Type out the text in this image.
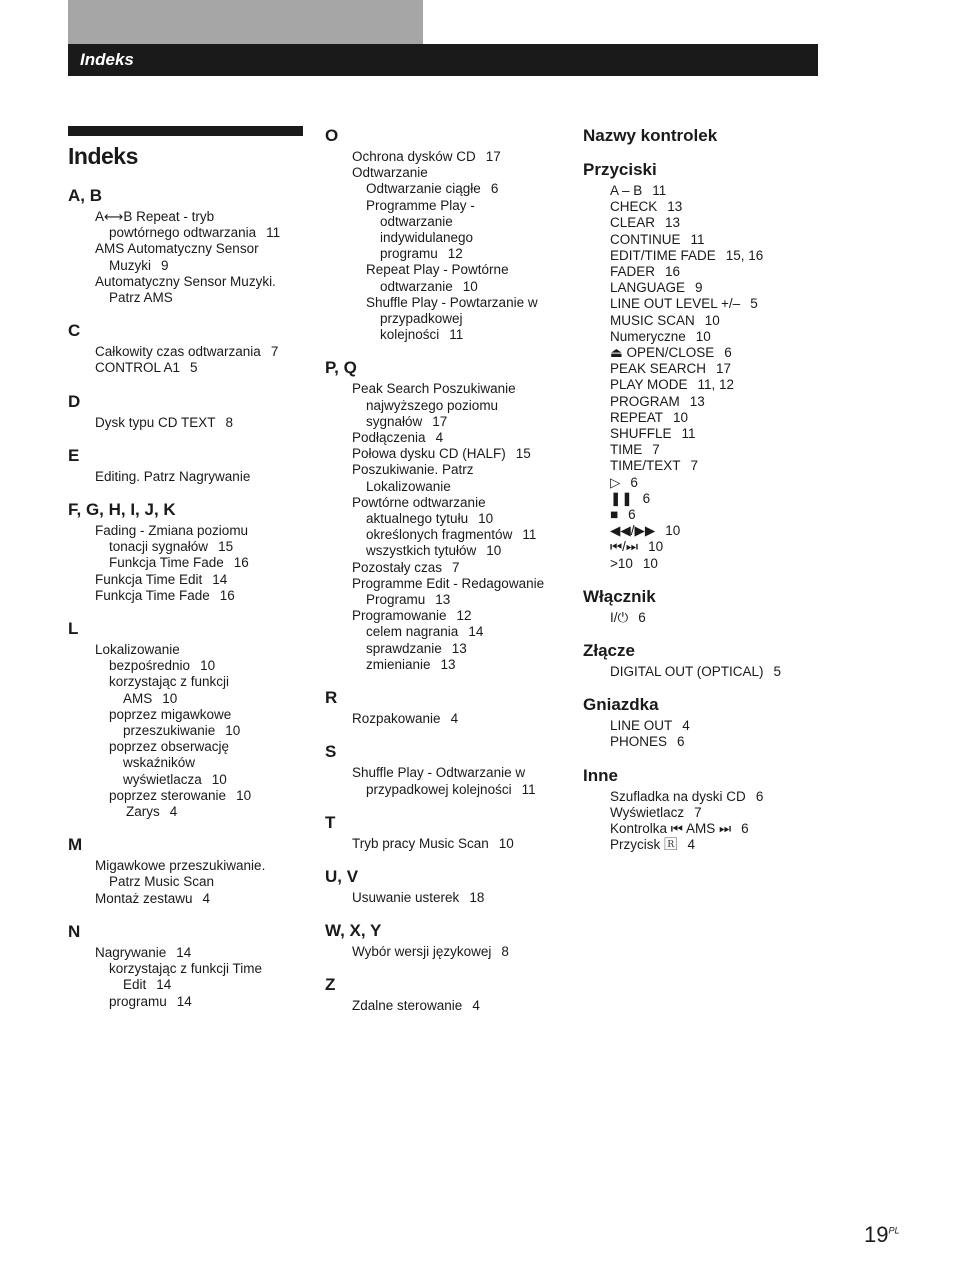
Indeks
Indeks
A, B
A⟷B Repeat - tryb
powtórnego odtwarzania 11
AMS Automatyczny Sensor
Muzyki 9
Automatyczny Sensor Muzyki.
Patrz AMS
C
Całkowity czas odtwarzania 7
CONTROL A1 5
D
Dysk typu CD TEXT 8
E
Editing. Patrz Nagrywanie
F, G, H, I, J, K
Fading - Zmiana poziomu
tonacji sygnałów 15
Funkcja Time Fade 16
Funkcja Time Edit 14
Funkcja Time Fade 16
L
Lokalizowanie
bezpośrednio 10
korzystając z funkcji
AMS 10
poprzez migawkowe
przeszukiwanie 10
poprzez obserwację
wskaźników
wyświetlacza 10
poprzez sterowanie 10
Zarys 4
M
Migawkowe przeszukiwanie.
Patrz Music Scan
Montaż zestawu 4
N
Nagrywanie 14
korzystając z funkcji Time
Edit 14
programu 14
O
Ochrona dysków CD 17
Odtwarzanie
Odtwarzanie ciągłe 6
Programme Play -
odtwarzanie
indywidulanego
programu 12
Repeat Play - Powtórne
odtwarzanie 10
Shuffle Play - Powtarzanie w
przypadkowej
kolejności 11
P, Q
Peak Search Poszukiwanie
najwyższego poziomu
sygnałów 17
Podłączenia 4
Połowa dysku CD (HALF) 15
Poszukiwanie. Patrz
Lokalizowanie
Powtórne odtwarzanie
aktualnego tytułu 10
określonych fragmentów 11
wszystkich tytułów 10
Pozostały czas 7
Programme Edit - Redagowanie
Programu 13
Programowanie 12
celem nagrania 14
sprawdzanie 13
zmienianie 13
R
Rozpakowanie 4
S
Shuffle Play - Odtwarzanie w
przypadkowej kolejności 11
T
Tryb pracy Music Scan 10
U, V
Usuwanie usterek 18
W, X, Y
Wybór wersji językowej 8
Z
Zdalne sterowanie 4
Nazwy kontrolek
Przyciski
A – B 11
CHECK 13
CLEAR 13
CONTINUE 11
EDIT/TIME FADE 15, 16
FADER 16
LANGUAGE 9
LINE OUT LEVEL +/– 5
MUSIC SCAN 10
Numeryczne 10
⏏ OPEN/CLOSE 6
PEAK SEARCH 17
PLAY MODE 11, 12
PROGRAM 13
REPEAT 10
SHUFFLE 11
TIME 7
TIME/TEXT 7
▷ 6
❚❚ 6
■ 6
◀◀/▶▶ 10
⏮/⏭ 10
>10 10
Włącznik
I/⏻ 6
Złącze
DIGITAL OUT (OPTICAL) 5
Gniazdka
LINE OUT 4
PHONES 6
Inne
Szufladka na dyski CD 6
Wyświetlacz 7
Kontrolka ⏮ AMS ⏭ 6
Przycisk 🅁 4
$19^{PL}$
